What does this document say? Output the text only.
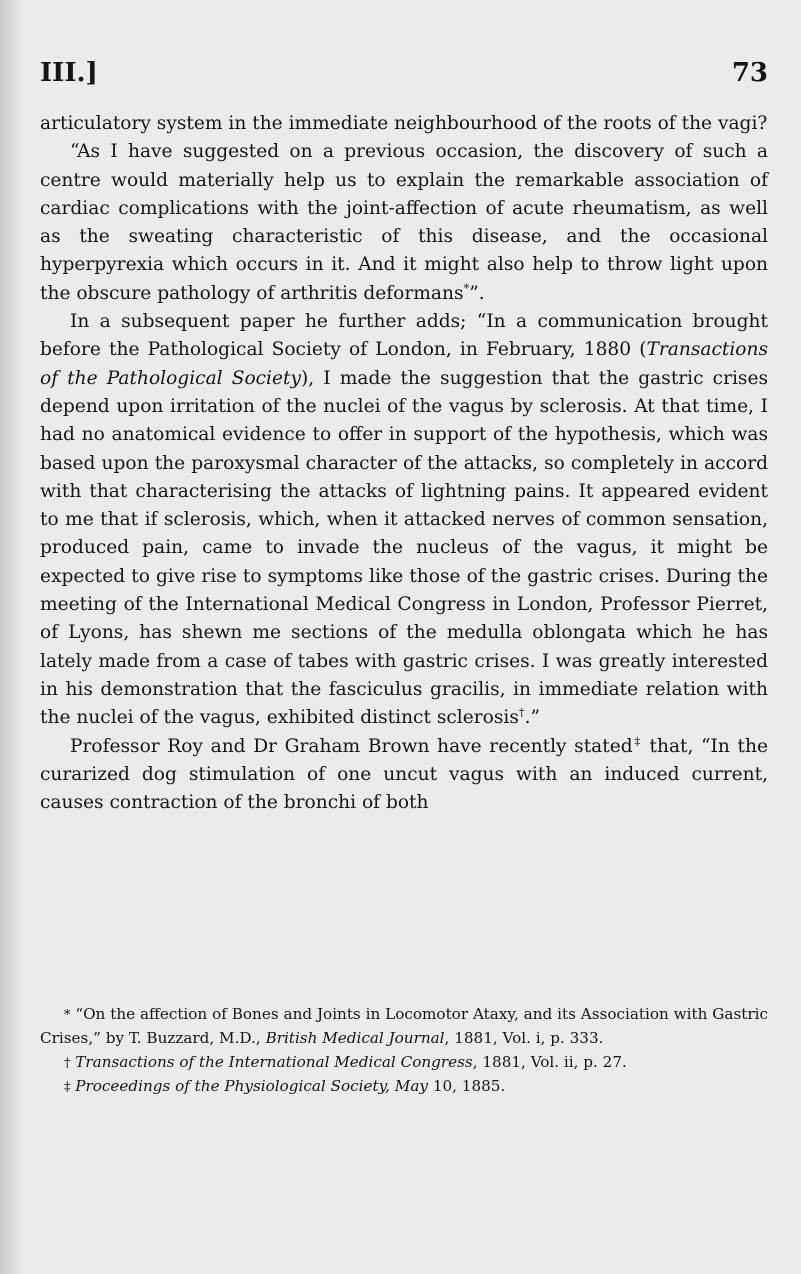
III.]	73

articulatory system in the immediate neighbourhood of the roots of the vagi?

“As I have suggested on a previous occasion, the discovery of such a centre would materially help us to explain the remarkable association of cardiac complications with the joint-affection of acute rheumatism, as well as the sweating characteristic of this disease, and the occasional hyperpyrexia which occurs in it. And it might also help to throw light upon the obscure pathology of arthritis deformans*”.

In a subsequent paper he further adds; “In a communication brought before the Pathological Society of London, in February, 1880 (Transactions of the Pathological Society), I made the suggestion that the gastric crises depend upon irritation of the nuclei of the vagus by sclerosis. At that time, I had no anatomical evidence to offer in support of the hypothesis, which was based upon the paroxysmal character of the attacks, so completely in accord with that characterising the attacks of lightning pains. It appeared evident to me that if sclerosis, which, when it attacked nerves of common sensation, produced pain, came to invade the nucleus of the vagus, it might be expected to give rise to symptoms like those of the gastric crises. During the meeting of the International Medical Congress in London, Professor Pierret, of Lyons, has shewn me sections of the medulla oblongata which he has lately made from a case of tabes with gastric crises. I was greatly interested in his demonstration that the fasciculus gracilis, in immediate relation with the nuclei of the vagus, exhibited distinct sclerosis†.”

Professor Roy and Dr Graham Brown have recently stated‡ that, “In the curarized dog stimulation of one uncut vagus with an induced current, causes contraction of the bronchi of both

* “On the affection of Bones and Joints in Locomotor Ataxy, and its Association with Gastric Crises,” by T. Buzzard, M.D., British Medical Journal, 1881, Vol. i, p. 333.

† Transactions of the International Medical Congress, 1881, Vol. ii, p. 27.

‡ Proceedings of the Physiological Society, May 10, 1885.
